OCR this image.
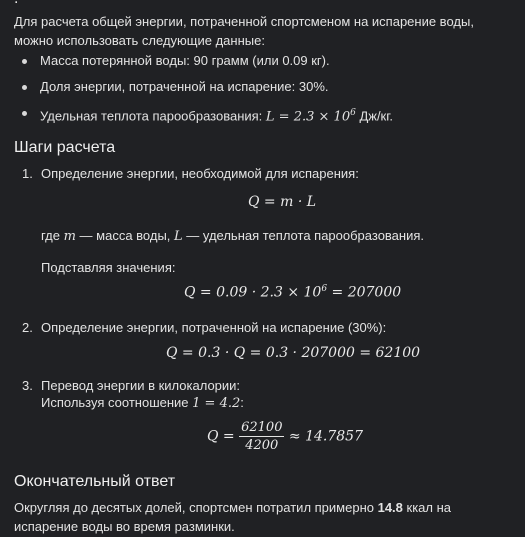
Для расчета общей энергии, потраченной спортсменом на испарение воды, можно использовать следующие данные:

Масса потерянной воды: 90 грамм (или 0.09 кг).
Доля энергии, потраченной на испарение: 30%.
Удельная теплота парообразования: $L = 2.3 \times 10^6$ Дж/кг.
Шаги расчета
1. Определение энергии, необходимой для испарения:
Q = m · L
где m — масса воды, L — удельная теплота парообразования.
Подставляя значения:
$Q = 0.09 \cdot 2.3 \times 10^6 = 207000$
2. Определение энергии, потраченной на испарение (30%):
Q = 0.3 · Q = 0.3 · 207000 = 62100
3. Перевод энергии в килокалории:
Используя соотношение 1 = 4.2:
$Q = \frac{62100}{4200} \approx 14.7857$
Окончательный ответ

Округляя до десятых долей, спортсмен потратил примерно 14.8 ккал на испарение воды во время разминки.
